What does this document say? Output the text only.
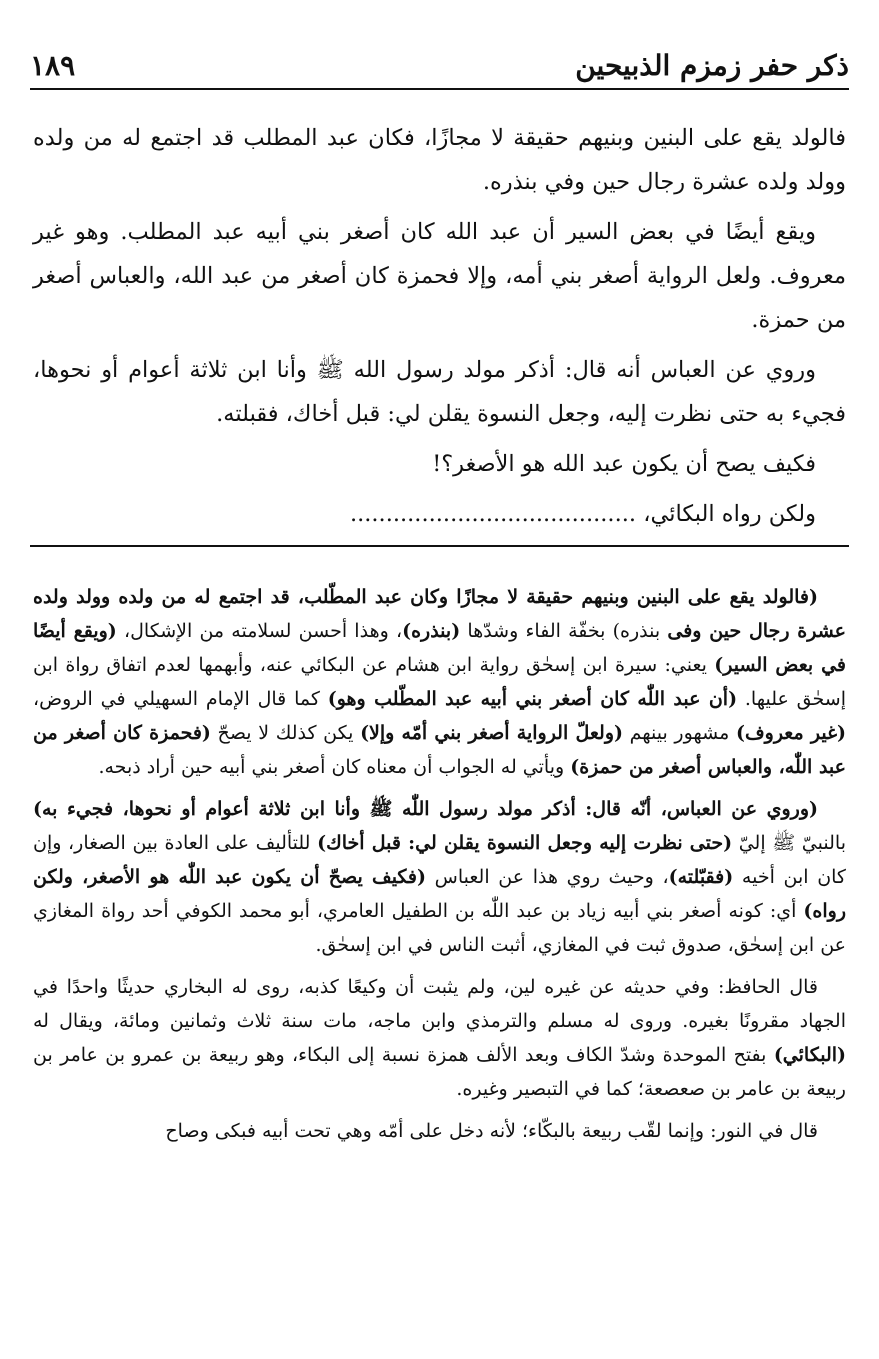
ذكر حفر زمزم الذبيحين
١٨٩

فالولد يقع على البنين وبنيهم حقيقة لا مجازًا، فكان عبد المطلب قد اجتمع له من ولده وولد ولده عشرة رجال حين وفي بنذره.

ويقع أيضًا في بعض السير أن عبد الله كان أصغر بني أبيه عبد المطلب. وهو غير معروف. ولعل الرواية أصغر بني أمه، وإلا فحمزة كان أصغر من عبد الله، والعباس أصغر من حمزة.

وروي عن العباس أنه قال: أذكر مولد رسول الله ﷺ وأنا ابن ثلاثة أعوام أو نحوها، فجيء به حتى نظرت إليه، وجعل النسوة يقلن لي: قبل أخاك، فقبلته.

فكيف يصح أن يكون عبد الله هو الأصغر؟!

ولكن رواه البكائي، ........................................

(فالولد يقع على البنين وبنيهم حقيقة لا مجازًا وكان عبد المطّلب، قد اجتمع له من ولده وولد ولده عشرة رجال حين وفى بنذره) بخفّة الفاء وشدّها (بنذره)، وهذا أحسن لسلامته من الإشكال، (ويقع أيضًا في بعض السير) يعني: سيرة ابن إسحٰق رواية ابن هشام عن البكائي عنه، وأبهمها لعدم اتفاق رواة ابن إسحٰق عليها. (أن عبد اللّٰه كان أصغر بني أبيه عبد المطّلب وهو) كما قال الإمام السهيلي في الروض، (غير معروف) مشهور بينهم (ولعلّ الرواية أصغر بني أمّه وإلا) يكن كذلك لا يصحّ (فحمزة كان أصغر من عبد اللّٰه، والعباس أصغر من حمزة) ويأتي له الجواب أن معناه كان أصغر بني أبيه حين أراد ذبحه.

(وروي عن العباس، أنّه قال: أذكر مولد رسول اللّٰه ﷺ وأنا ابن ثلاثة أعوام أو نحوها، فجيء به) بالنبيّ ﷺ إليّ (حتى نظرت إليه وجعل النسوة يقلن لي: قبل أخاك) للتأليف على العادة بين الصغار، وإن كان ابن أخيه (فقبّلته)، وحيث روي هذا عن العباس (فكيف يصحّ أن يكون عبد اللّٰه هو الأصغر، ولكن رواه) أي: كونه أصغر بني أبيه زياد بن عبد اللّٰه بن الطفيل العامري، أبو محمد الكوفي أحد رواة المغازي عن ابن إسحٰق، صدوق ثبت في المغازي، أثبت الناس في ابن إسحٰق.

قال الحافظ: وفي حديثه عن غيره لين، ولم يثبت أن وكيعًا كذبه، روى له البخاري حديثًا واحدًا في الجهاد مقرونًا بغيره. وروى له مسلم والترمذي وابن ماجه، مات سنة ثلاث وثمانين ومائة، ويقال له (البكائي) بفتح الموحدة وشدّ الكاف وبعد الألف همزة نسبة إلى البكاء، وهو ربيعة بن عمرو بن عامر بن ربيعة بن عامر بن صعصعة؛ كما في التبصير وغيره.

قال في النور: وإنما لقّب ربيعة بالبكّاء؛ لأنه دخل على أمّه وهي تحت أبيه فبكى وصاح
